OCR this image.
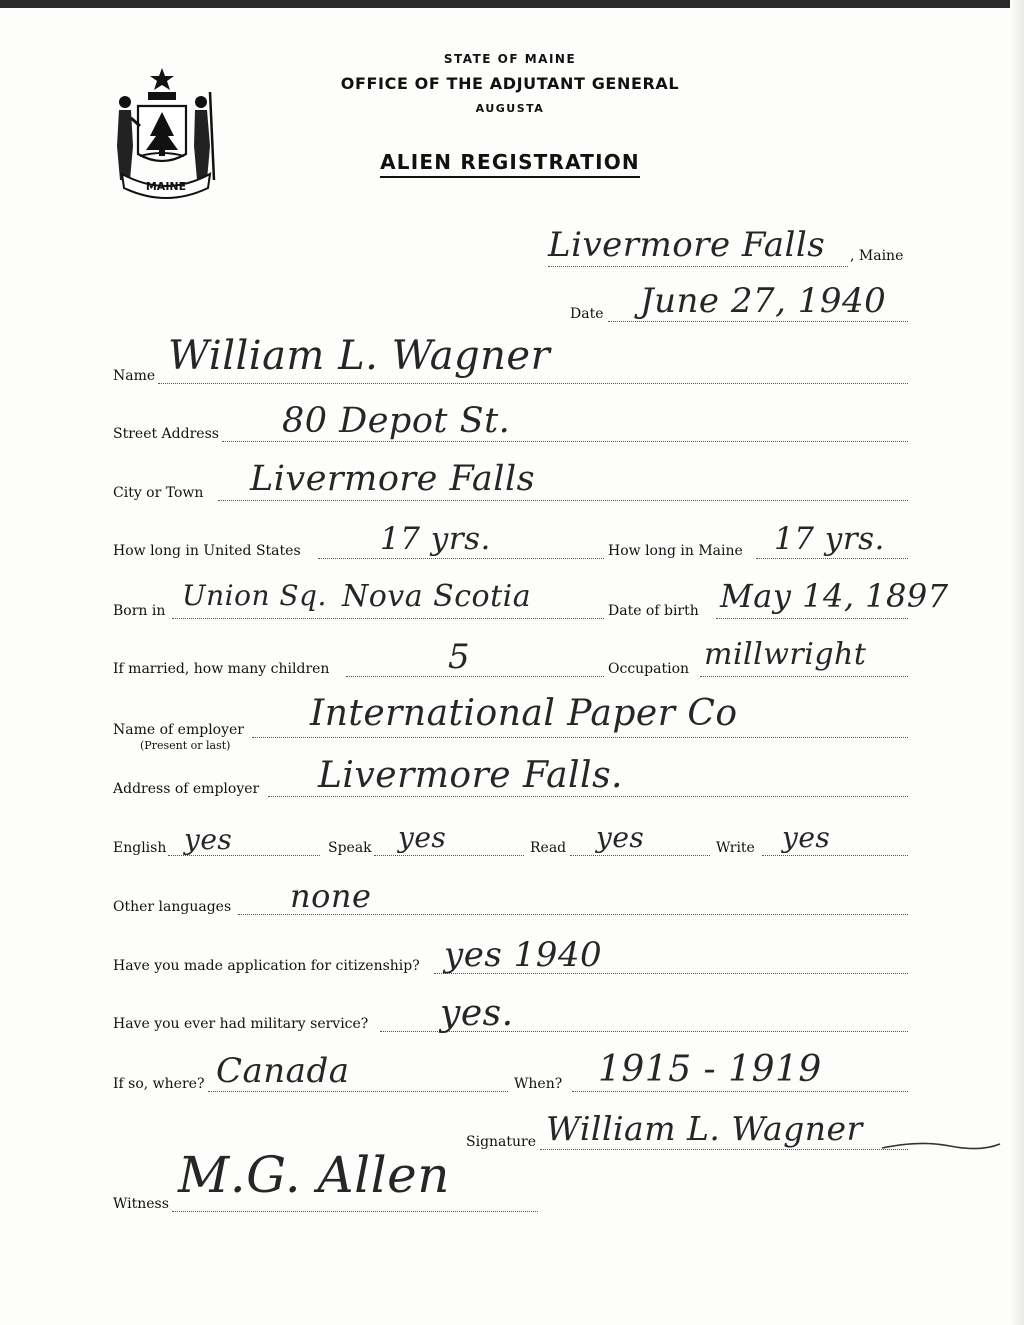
MAINE
STATE OF MAINE
OFFICE OF THE ADJUTANT GENERAL
AUGUSTA
ALIEN REGISTRATION
Livermore Falls , Maine
Date June 27, 1940
Name William L. Wagner
Street Address 80 Depot St.
City or Town Livermore Falls
How long in United States	17 yrs.	How long in Maine 17 yrs.
Born in Union Sq. Nova Scotia	Date of birth May 14, 1897
If married, how many children	5	Occupation millwright
Name of employer
(Present or last)
International Paper Co
Address of employer Livermore Falls.
English yes	Speak yes	Read yes	Write yes
Other languages none
Have you made application for citizenship? yes 1940
Have you ever had military service? yes.
If so, where? Canada	When? 1915 - 1919
Signature William L. Wagner
Witness M.G. Allen
